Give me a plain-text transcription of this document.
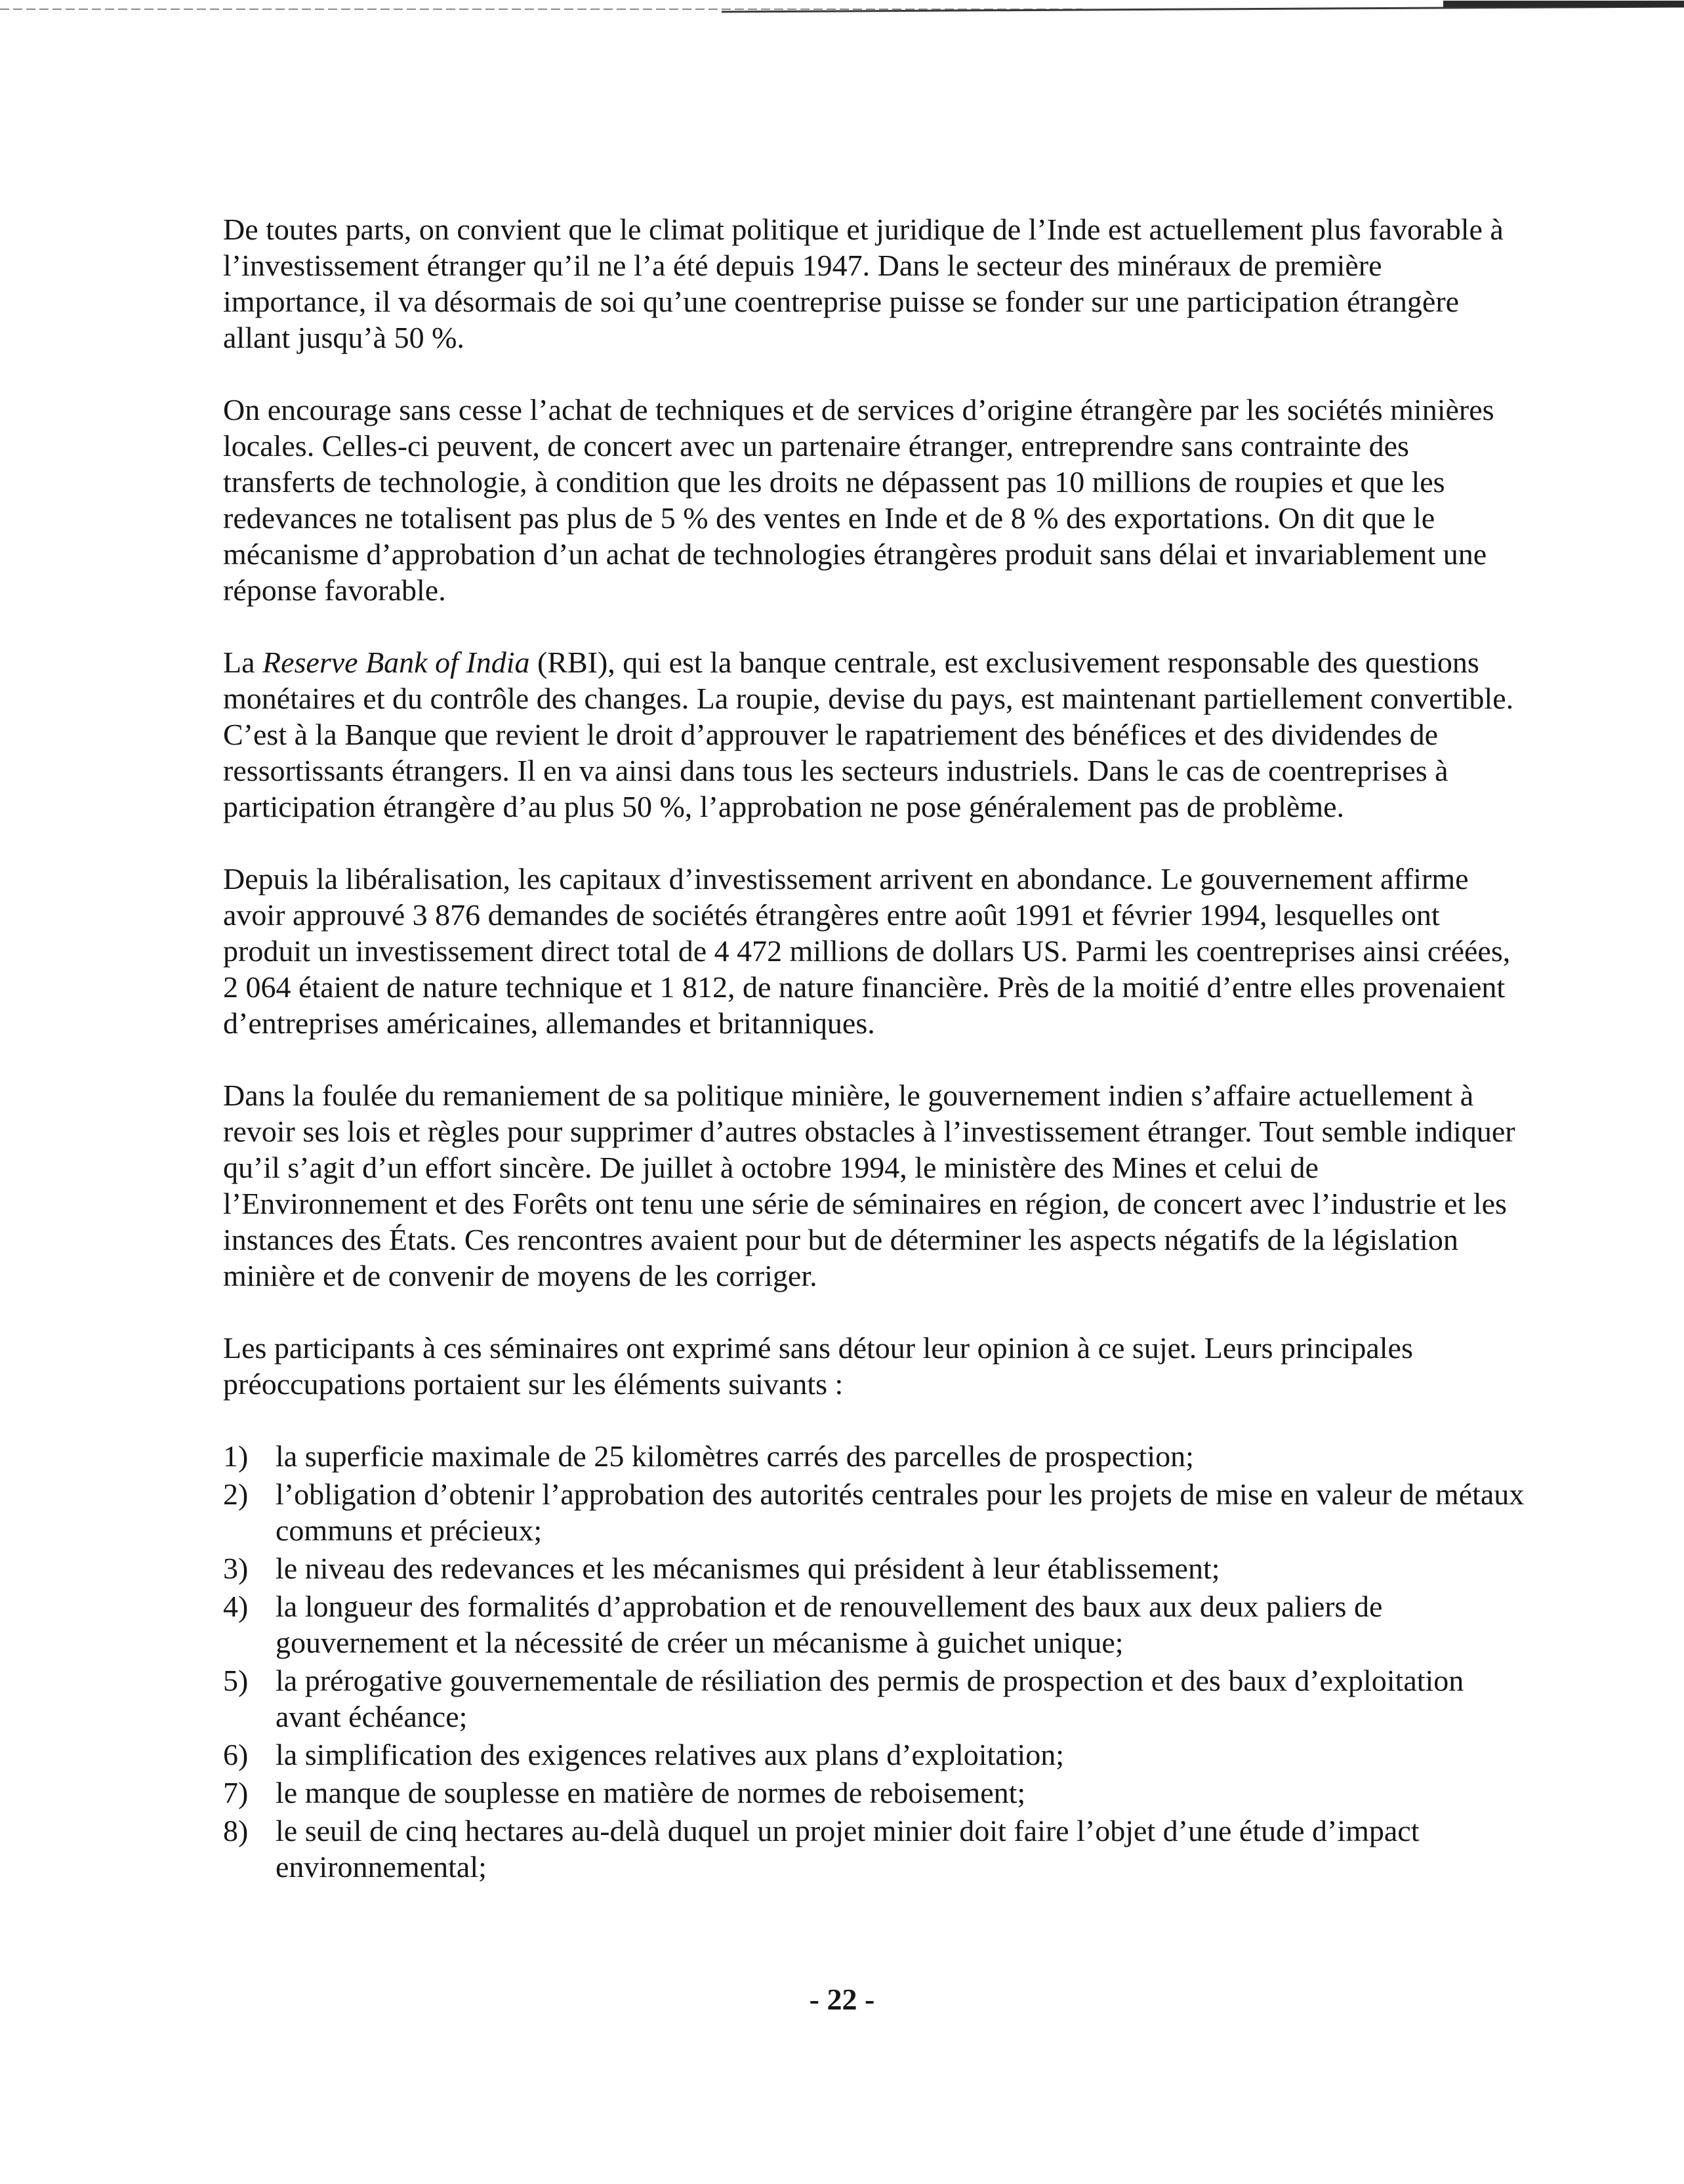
De toutes parts, on convient que le climat politique et juridique de l’Inde est actuellement plus favorable à l’investissement étranger qu’il ne l’a été depuis 1947. Dans le secteur des minéraux de première importance, il va désormais de soi qu’une coentreprise puisse se fonder sur une participation étrangère allant jusqu’à 50 %.

On encourage sans cesse l’achat de techniques et de services d’origine étrangère par les sociétés minières locales. Celles-ci peuvent, de concert avec un partenaire étranger, entreprendre sans contrainte des transferts de technologie, à condition que les droits ne dépassent pas 10 millions de roupies et que les redevances ne totalisent pas plus de 5 % des ventes en Inde et de 8 % des exportations. On dit que le mécanisme d’approbation d’un achat de technologies étrangères produit sans délai et invariablement une réponse favorable.

La Reserve Bank of India (RBI), qui est la banque centrale, est exclusivement responsable des questions monétaires et du contrôle des changes. La roupie, devise du pays, est maintenant partiellement convertible. C’est à la Banque que revient le droit d’approuver le rapatriement des bénéfices et des dividendes de ressortissants étrangers. Il en va ainsi dans tous les secteurs industriels. Dans le cas de coentreprises à participation étrangère d’au plus 50 %, l’approbation ne pose généralement pas de problème.

Depuis la libéralisation, les capitaux d’investissement arrivent en abondance. Le gouvernement affirme avoir approuvé 3 876 demandes de sociétés étrangères entre août 1991 et février 1994, lesquelles ont produit un investissement direct total de 4 472 millions de dollars US. Parmi les coentreprises ainsi créées, 2 064 étaient de nature technique et 1 812, de nature financière. Près de la moitié d’entre elles provenaient d’entreprises américaines, allemandes et britanniques.

Dans la foulée du remaniement de sa politique minière, le gouvernement indien s’affaire actuellement à revoir ses lois et règles pour supprimer d’autres obstacles à l’investissement étranger. Tout semble indiquer qu’il s’agit d’un effort sincère. De juillet à octobre 1994, le ministère des Mines et celui de l’Environnement et des Forêts ont tenu une série de séminaires en région, de concert avec l’industrie et les instances des États. Ces rencontres avaient pour but de déterminer les aspects négatifs de la législation minière et de convenir de moyens de les corriger.

Les participants à ces séminaires ont exprimé sans détour leur opinion à ce sujet. Leurs principales préoccupations portaient sur les éléments suivants :

1) la superficie maximale de 25 kilomètres carrés des parcelles de prospection;
2) l’obligation d’obtenir l’approbation des autorités centrales pour les projets de mise en valeur de métaux communs et précieux;
3) le niveau des redevances et les mécanismes qui président à leur établissement;
4) la longueur des formalités d’approbation et de renouvellement des baux aux deux paliers de gouvernement et la nécessité de créer un mécanisme à guichet unique;
5) la prérogative gouvernementale de résiliation des permis de prospection et des baux d’exploitation avant échéance;
6) la simplification des exigences relatives aux plans d’exploitation;
7) le manque de souplesse en matière de normes de reboisement;
8) le seuil de cinq hectares au-delà duquel un projet minier doit faire l’objet d’une étude d’impact environnemental;
- 22 -
